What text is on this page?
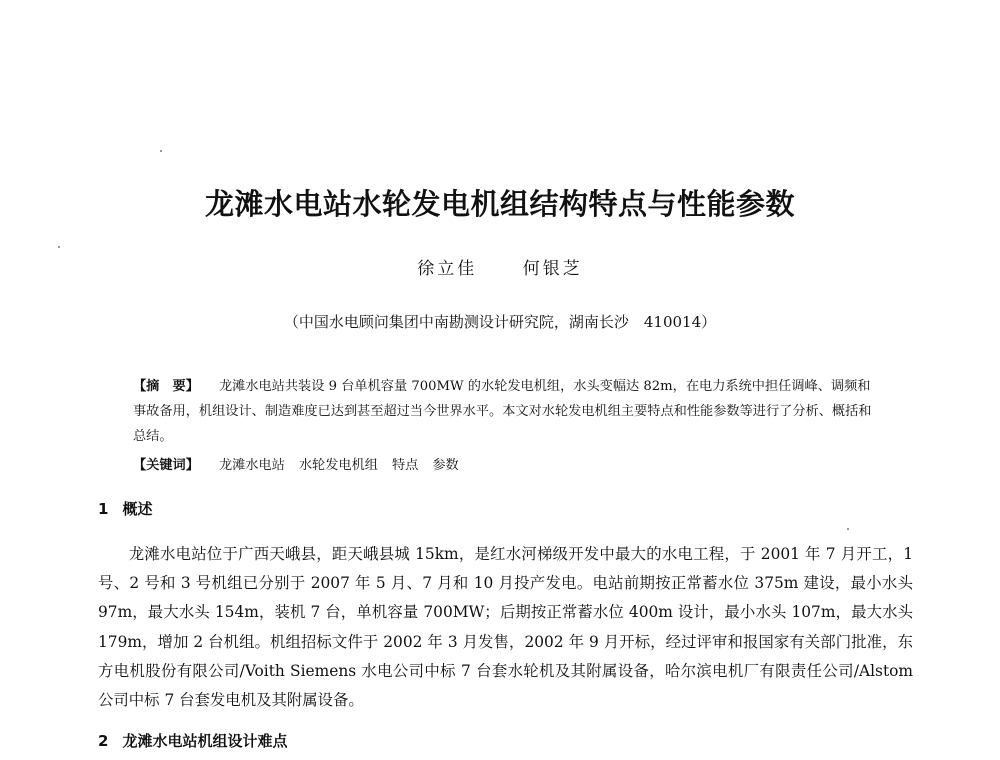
龙滩水电站水轮发电机组结构特点与性能参数

徐立佳	何银芝

（中国水电顾问集团中南勘测设计研究院，湖南长沙　410014）

【摘　要】 龙滩水电站共装设 9 台单机容量 700MW 的水轮发电机组，水头变幅达 82m，在电力系统中担任调峰、调频和事故备用，机组设计、制造难度已达到甚至超过当今世界水平。本文对水轮发电机组主要特点和性能参数等进行了分析、概括和总结。

【关键词】 龙滩水电站 水轮发电机组 特点 参数

1 概述

龙滩水电站位于广西天峨县，距天峨县城 15km，是红水河梯级开发中最大的水电工程，于 2001 年 7 月开工，1 号、2 号和 3 号机组已分别于 2007 年 5 月、7 月和 10 月投产发电。电站前期按正常蓄水位 375m 建设，最小水头 97m，最大水头 154m，装机 7 台，单机容量 700MW；后期按正常蓄水位 400m 设计，最小水头 107m，最大水头 179m，增加 2 台机组。机组招标文件于 2002 年 3 月发售，2002 年 9 月开标，经过评审和报国家有关部门批准，东方电机股份有限公司/Voith Siemens 水电公司中标 7 台套水轮机及其附属设备，哈尔滨电机厂有限责任公司/Alstom 公司中标 7 台套发电机及其附属设备。

2 龙滩水电站机组设计难点
